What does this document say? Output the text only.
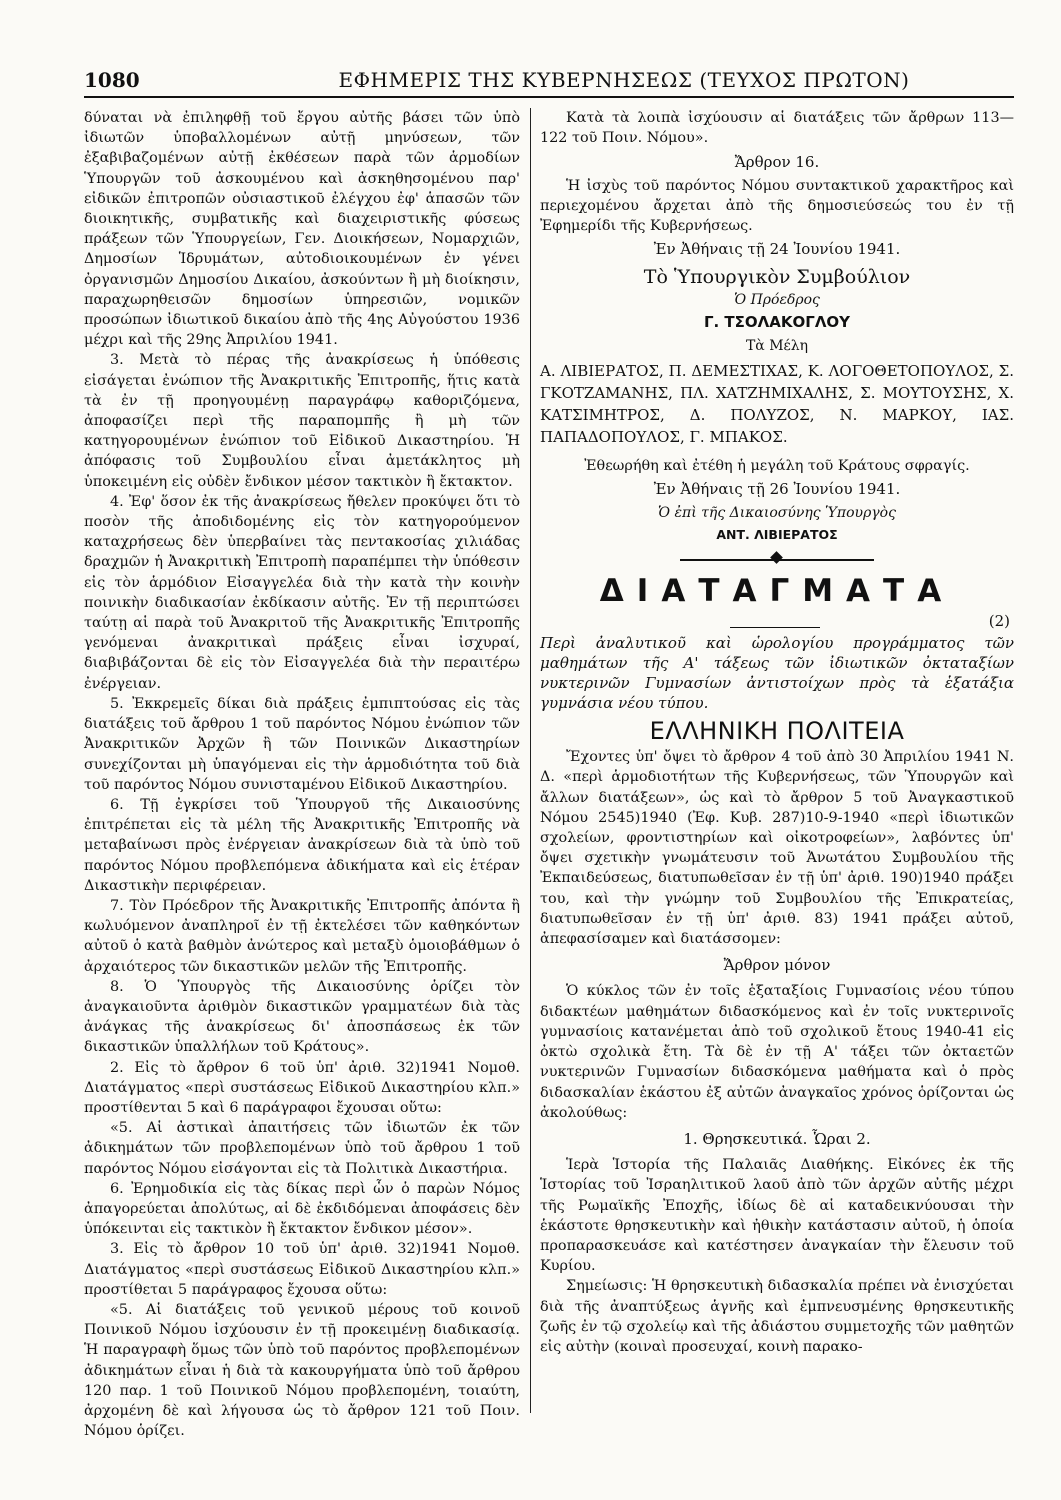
1080	ΕΦΗΜΕΡΙΣ ΤΗΣ ΚΥΒΕΡΝΗΣΕΩΣ (ΤΕΥΧΟΣ ΠΡΩΤΟΝ)

δύναται νὰ ἐπιληφθῇ τοῦ ἔργου αὐτῆς βάσει τῶν ὑπὸ ἰδιωτῶν ὑποβαλλομένων αὐτῇ μηνύσεων, τῶν ἐξαβιβαζομένων αὐτῇ ἐκθέσεων παρὰ τῶν ἁρμοδίων Ὑπουργῶν τοῦ ἀσκουμένου καὶ ἀσκηθησομένου παρ' εἰδικῶν ἐπιτροπῶν οὐσιαστικοῦ ἐλέγχου ἐφ' ἁπασῶν τῶν διοικητικῆς, συμβατικῆς καὶ διαχειριστικῆς φύσεως πράξεων τῶν Ὑπουργείων, Γεν. Διοικήσεων, Νομαρχιῶν, Δημοσίων Ἱδρυμάτων, αὐτοδιοικουμένων ἐν γένει ὀργανισμῶν Δημοσίου Δικαίου, ἀσκούντων ἢ μὴ διοίκησιν, παραχωρηθεισῶν δημοσίων ὑπηρεσιῶν, νομικῶν προσώπων ἰδιωτικοῦ δικαίου ἀπὸ τῆς 4ης Αὐγούστου 1936 μέχρι καὶ τῆς 29ης Ἀπριλίου 1941.

3. Μετὰ τὸ πέρας τῆς ἀνακρίσεως ἡ ὑπόθεσις εἰσάγεται ἐνώπιον τῆς Ἀνακριτικῆς Ἐπιτροπῆς, ἥτις κατὰ τὰ ἐν τῇ προηγουμένῃ παραγράφῳ καθοριζόμενα, ἀποφασίζει περὶ τῆς παραπομπῆς ἢ μὴ τῶν κατηγορουμένων ἐνώπιον τοῦ Εἰδικοῦ Δικαστηρίου. Ἡ ἀπόφασις τοῦ Συμβουλίου εἶναι ἀμετάκλητος μὴ ὑποκειμένη εἰς οὐδὲν ἔνδικον μέσον τακτικὸν ἢ ἔκτακτον.

4. Ἐφ' ὅσον ἐκ τῆς ἀνακρίσεως ἤθελεν προκύψει ὅτι τὸ ποσὸν τῆς ἀποδιδομένης εἰς τὸν κατηγορούμενον καταχρήσεως δὲν ὑπερβαίνει τὰς πεντακοσίας χιλιάδας δραχμῶν ἡ Ἀνακριτικὴ Ἐπιτροπὴ παραπέμπει τὴν ὑπόθεσιν εἰς τὸν ἁρμόδιον Εἰσαγγελέα διὰ τὴν κατὰ τὴν κοινὴν ποινικὴν διαδικασίαν ἐκδίκασιν αὐτῆς. Ἐν τῇ περιπτώσει ταύτῃ αἱ παρὰ τοῦ Ἀνακριτοῦ τῆς Ἀνακριτικῆς Ἐπιτροπῆς γενόμεναι ἀνακριτικαὶ πράξεις εἶναι ἰσχυραί, διαβιβάζονται δὲ εἰς τὸν Εἰσαγγελέα διὰ τὴν περαιτέρω ἐνέργειαν.

5. Ἐκκρεμεῖς δίκαι διὰ πράξεις ἐμπιπτούσας εἰς τὰς διατάξεις τοῦ ἄρθρου 1 τοῦ παρόντος Νόμου ἐνώπιον τῶν Ἀνακριτικῶν Ἀρχῶν ἢ τῶν Ποινικῶν Δικαστηρίων συνεχίζονται μὴ ὑπαγόμεναι εἰς τὴν ἁρμοδιότητα τοῦ διὰ τοῦ παρόντος Νόμου συνισταμένου Εἰδικοῦ Δικαστηρίου.

6. Τῇ ἐγκρίσει τοῦ Ὑπουργοῦ τῆς Δικαιοσύνης ἐπιτρέπεται εἰς τὰ μέλη τῆς Ἀνακριτικῆς Ἐπιτροπῆς νὰ μεταβαίνωσι πρὸς ἐνέργειαν ἀνακρίσεων διὰ τὰ ὑπὸ τοῦ παρόντος Νόμου προβλεπόμενα ἀδικήματα καὶ εἰς ἑτέραν Δικαστικὴν περιφέρειαν.

7. Τὸν Πρόεδρον τῆς Ἀνακριτικῆς Ἐπιτροπῆς ἀπόντα ἢ κωλυόμενον ἀναπληροῖ ἐν τῇ ἐκτελέσει τῶν καθηκόντων αὐτοῦ ὁ κατὰ βαθμὸν ἀνώτερος καὶ μεταξὺ ὁμοιοβάθμων ὁ ἀρχαιότερος τῶν δικαστικῶν μελῶν τῆς Ἐπιτροπῆς.

8. Ὁ Ὑπουργὸς τῆς Δικαιοσύνης ὁρίζει τὸν ἀναγκαιοῦντα ἀριθμὸν δικαστικῶν γραμματέων διὰ τὰς ἀνάγκας τῆς ἀνακρίσεως δι' ἀποσπάσεως ἐκ τῶν δικαστικῶν ὑπαλλήλων τοῦ Κράτους».

2. Εἰς τὸ ἄρθρον 6 τοῦ ὑπ' ἀριθ. 32)1941 Νομοθ. Διατάγματος «περὶ συστάσεως Εἰδικοῦ Δικαστηρίου κλπ.» προστίθενται 5 καὶ 6 παράγραφοι ἔχουσαι οὕτω:

«5. Αἱ ἀστικαὶ ἀπαιτήσεις τῶν ἰδιωτῶν ἐκ τῶν ἀδικημάτων τῶν προβλεπομένων ὑπὸ τοῦ ἄρθρου 1 τοῦ παρόντος Νόμου εἰσάγονται εἰς τὰ Πολιτικὰ Δικαστήρια.

6. Ἐρημοδικία εἰς τὰς δίκας περὶ ὧν ὁ παρὼν Νόμος ἀπαγορεύεται ἀπολύτως, αἱ δὲ ἐκδιδόμεναι ἀποφάσεις δὲν ὑπόκεινται εἰς τακτικὸν ἢ ἔκτακτον ἔνδικον μέσον».

3. Εἰς τὸ ἄρθρον 10 τοῦ ὑπ' ἀριθ. 32)1941 Νομοθ. Διατάγματος «περὶ συστάσεως Εἰδικοῦ Δικαστηρίου κλπ.» προστίθεται 5 παράγραφος ἔχουσα οὕτω:

«5. Αἱ διατάξεις τοῦ γενικοῦ μέρους τοῦ κοινοῦ Ποινικοῦ Νόμου ἰσχύουσιν ἐν τῇ προκειμένῃ διαδικασίᾳ. Ἡ παραγραφὴ ὅμως τῶν ὑπὸ τοῦ παρόντος προβλεπομένων ἀδικημάτων εἶναι ἡ διὰ τὰ κακουργήματα ὑπὸ τοῦ ἄρθρου 120 παρ. 1 τοῦ Ποινικοῦ Νόμου προβλεπομένη, τοιαύτη, ἀρχομένη δὲ καὶ λήγουσα ὡς τὸ ἄρθρον 121 τοῦ Ποιν. Νόμου ὁρίζει.

Κατὰ τὰ λοιπὰ ἰσχύουσιν αἱ διατάξεις τῶν ἄρθρων 113—122 τοῦ Ποιν. Νόμου».

Ἄρθρον 16.

Ἡ ἰσχὺς τοῦ παρόντος Νόμου συντακτικοῦ χαρακτῆρος καὶ περιεχομένου ἄρχεται ἀπὸ τῆς δημοσιεύσεώς του ἐν τῇ Ἐφημερίδι τῆς Κυβερνήσεως.

Ἐν Ἀθήναις τῇ 24 Ἰουνίου 1941.

Τὸ Ὑπουργικὸν Συμβούλιον

Ὁ Πρόεδρος

Γ. ΤΣΟΛΑΚΟΓΛΟΥ

Τὰ Μέλη

Α. ΛΙΒΙΕΡΑΤΟΣ, Π. ΔΕΜΕΣΤΙΧΑΣ, Κ. ΛΟΓΟΘΕΤΟΠΟΥΛΟΣ, Σ. ΓΚΟΤΖΑΜΑΝΗΣ, ΠΛ. ΧΑΤΖΗΜΙΧΑΛΗΣ, Σ. ΜΟΥΤΟΥΣΗΣ, Χ. ΚΑΤΣΙΜΗΤΡΟΣ, Δ. ΠΟΛΥΖΟΣ, Ν. ΜΑΡΚΟΥ, ΙΑΣ. ΠΑΠΑΔΟΠΟΥΛΟΣ, Γ. ΜΠΑΚΟΣ.

Ἐθεωρήθη καὶ ἐτέθη ἡ μεγάλη τοῦ Κράτους σφραγίς.

Ἐν Ἀθήναις τῇ 26 Ἰουνίου 1941.

Ὁ ἐπὶ τῆς Δικαιοσύνης Ὑπουργὸς

ΑΝΤ. ΛΙΒΙΕΡΑΤΟΣ

ΔΙΑΤΑΓΜΑΤΑ
(2)

Περὶ ἀναλυτικοῦ καὶ ὡρολογίου προγράμματος τῶν μαθημάτων τῆς Α' τάξεως τῶν ἰδιωτικῶν ὀκταταξίων νυκτερινῶν Γυμνασίων ἀντιστοίχων πρὸς τὰ ἑξατάξια γυμνάσια νέου τύπου.

ΕΛΛΗΝΙΚΗ ΠΟΛΙΤΕΙΑ

Ἔχοντες ὑπ' ὄψει τὸ ἄρθρον 4 τοῦ ἀπὸ 30 Ἀπριλίου 1941 Ν. Δ. «περὶ ἁρμοδιοτήτων τῆς Κυβερνήσεως, τῶν Ὑπουργῶν καὶ ἄλλων διατάξεων», ὡς καὶ τὸ ἄρθρον 5 τοῦ Ἀναγκαστικοῦ Νόμου 2545)1940 (Ἐφ. Κυβ. 287)10-9-1940 «περὶ ἰδιωτικῶν σχολείων, φροντιστηρίων καὶ οἰκοτροφείων», λαβόντες ὑπ' ὄψει σχετικὴν γνωμάτευσιν τοῦ Ἀνωτάτου Συμβουλίου τῆς Ἐκπαιδεύσεως, διατυπωθεῖσαν ἐν τῇ ὑπ' ἀριθ. 190)1940 πράξει του, καὶ τὴν γνώμην τοῦ Συμβουλίου τῆς Ἐπικρατείας, διατυπωθεῖσαν ἐν τῇ ὑπ' ἀριθ. 83) 1941 πράξει αὐτοῦ, ἀπεφασίσαμεν καὶ διατάσσομεν:

Ἄρθρον μόνον

Ὁ κύκλος τῶν ἐν τοῖς ἑξαταξίοις Γυμνασίοις νέου τύπου διδακτέων μαθημάτων διδασκόμενος καὶ ἐν τοῖς νυκτερινοῖς γυμνασίοις κατανέμεται ἀπὸ τοῦ σχολικοῦ ἔτους 1940-41 εἰς ὀκτὼ σχολικὰ ἔτη. Τὰ δὲ ἐν τῇ Α' τάξει τῶν ὀκταετῶν νυκτερινῶν Γυμνασίων διδασκόμενα μαθήματα καὶ ὁ πρὸς διδασκαλίαν ἑκάστου ἐξ αὐτῶν ἀναγκαῖος χρόνος ὁρίζονται ὡς ἀκολούθως:

1. Θρησκευτικά. Ὧραι 2.

Ἱερὰ Ἱστορία τῆς Παλαιᾶς Διαθήκης. Εἰκόνες ἐκ τῆς Ἱστορίας τοῦ Ἰσραηλιτικοῦ λαοῦ ἀπὸ τῶν ἀρχῶν αὐτῆς μέχρι τῆς Ρωμαϊκῆς Ἐποχῆς, ἰδίως δὲ αἱ καταδεικνύουσαι τὴν ἑκάστοτε θρησκευτικὴν καὶ ἠθικὴν κατάστασιν αὐτοῦ, ἡ ὁποία προπαρασκευάσε καὶ κατέστησεν ἀναγκαίαν τὴν ἔλευσιν τοῦ Κυρίου.

Σημείωσις: Ἡ θρησκευτικὴ διδασκαλία πρέπει νὰ ἐνισχύεται διὰ τῆς ἀναπτύξεως ἁγνῆς καὶ ἐμπνευσμένης θρησκευτικῆς ζωῆς ἐν τῷ σχολείῳ καὶ τῆς ἀδιάστου συμμετοχῆς τῶν μαθητῶν εἰς αὐτὴν (κοιναὶ προσευχαί, κοινὴ παρακο-
